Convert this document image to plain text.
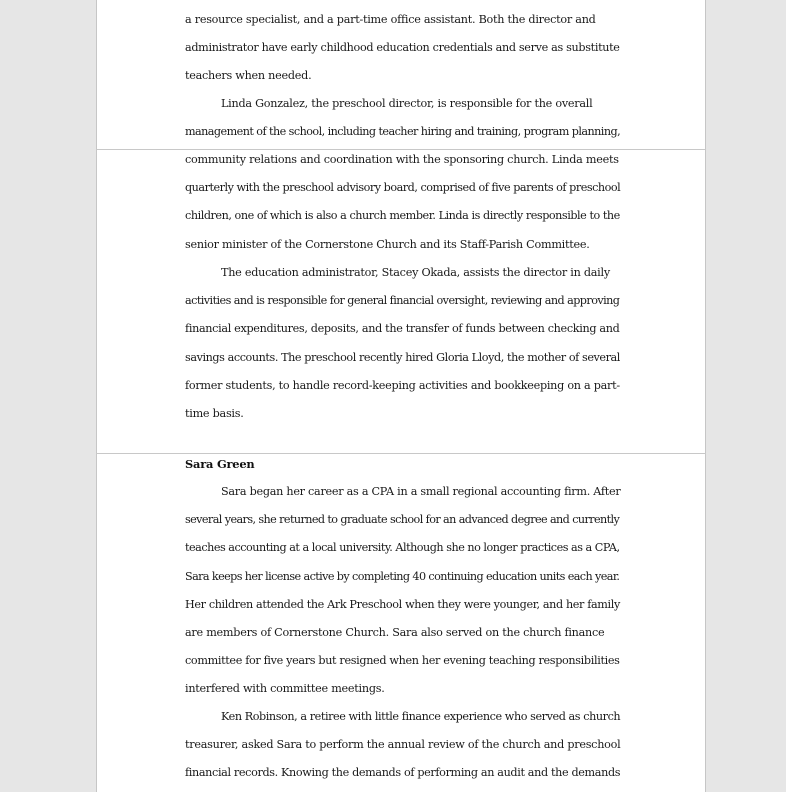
a resource specialist, and a part-time office assistant. Both the director and
administrator have early childhood education credentials and serve as substitute
teachers when needed.
Linda Gonzalez, the preschool director, is responsible for the overall
management of the school, including teacher hiring and training, program planning,
community relations and coordination with the sponsoring church. Linda meets
quarterly with the preschool advisory board, comprised of five parents of preschool
children, one of which is also a church member. Linda is directly responsible to the
senior minister of the Cornerstone Church and its Staff-Parish Committee.
The education administrator, Stacey Okada, assists the director in daily
activities and is responsible for general financial oversight, reviewing and approving
financial expenditures, deposits, and the transfer of funds between checking and
savings accounts. The preschool recently hired Gloria Lloyd, the mother of several
former students, to handle record-keeping activities and bookkeeping on a part-
time basis.
Sara Green
Sara began her career as a CPA in a small regional accounting firm. After
several years, she returned to graduate school for an advanced degree and currently
teaches accounting at a local university. Although she no longer practices as a CPA,
Sara keeps her license active by completing 40 continuing education units each year.
Her children attended the Ark Preschool when they were younger, and her family
are members of Cornerstone Church. Sara also served on the church finance
committee for five years but resigned when her evening teaching responsibilities
interfered with committee meetings.
Ken Robinson, a retiree with little finance experience who served as church
treasurer, asked Sara to perform the annual review of the church and preschool
financial records. Knowing the demands of performing an audit and the demands
